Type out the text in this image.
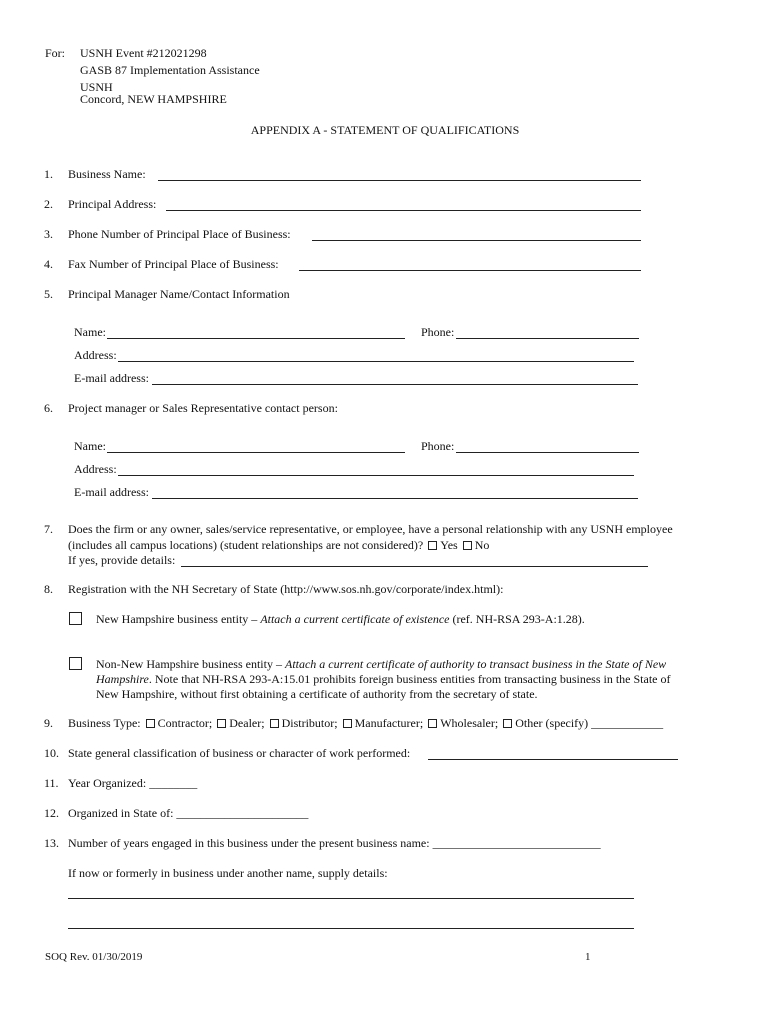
For: USNH Event #212021298
GASB 87 Implementation Assistance
USNH
Concord, NEW HAMPSHIRE
APPENDIX A - STATEMENT OF QUALIFICATIONS
1. Business Name:
2. Principal Address:
3. Phone Number of Principal Place of Business:
4. Fax Number of Principal Place of Business:
5. Principal Manager Name/Contact Information
Name:	Phone:
Address:
E-mail address:
6. Project manager or Sales Representative contact person:
Name:	Phone:
Address:
E-mail address:
7. Does the firm or any owner, sales/service representative, or employee, have a personal relationship with any USNH employee
(includes all campus locations) (student relationships are not considered)? Yes No
If yes, provide details:
8. Registration with the NH Secretary of State (http://www.sos.nh.gov/corporate/index.html):
New Hampshire business entity – Attach a current certificate of existence (ref. NH-RSA 293-A:1.28).
Non-New Hampshire business entity – Attach a current certificate of authority to transact business in the State of New
Hampshire. Note that NH-RSA 293-A:15.01 prohibits foreign business entities from transacting business in the State of
New Hampshire, without first obtaining a certificate of authority from the secretary of state.
9. Business Type: Contractor; Dealer; Distributor; Manufacturer; Wholesaler; Other (specify) ____________
10. State general classification of business or character of work performed:
11. Year Organized: ________
12. Organized in State of: ______________________
13. Number of years engaged in this business under the present business name: ____________________________
If now or formerly in business under another name, supply details:
SOQ Rev. 01/30/2019	1
